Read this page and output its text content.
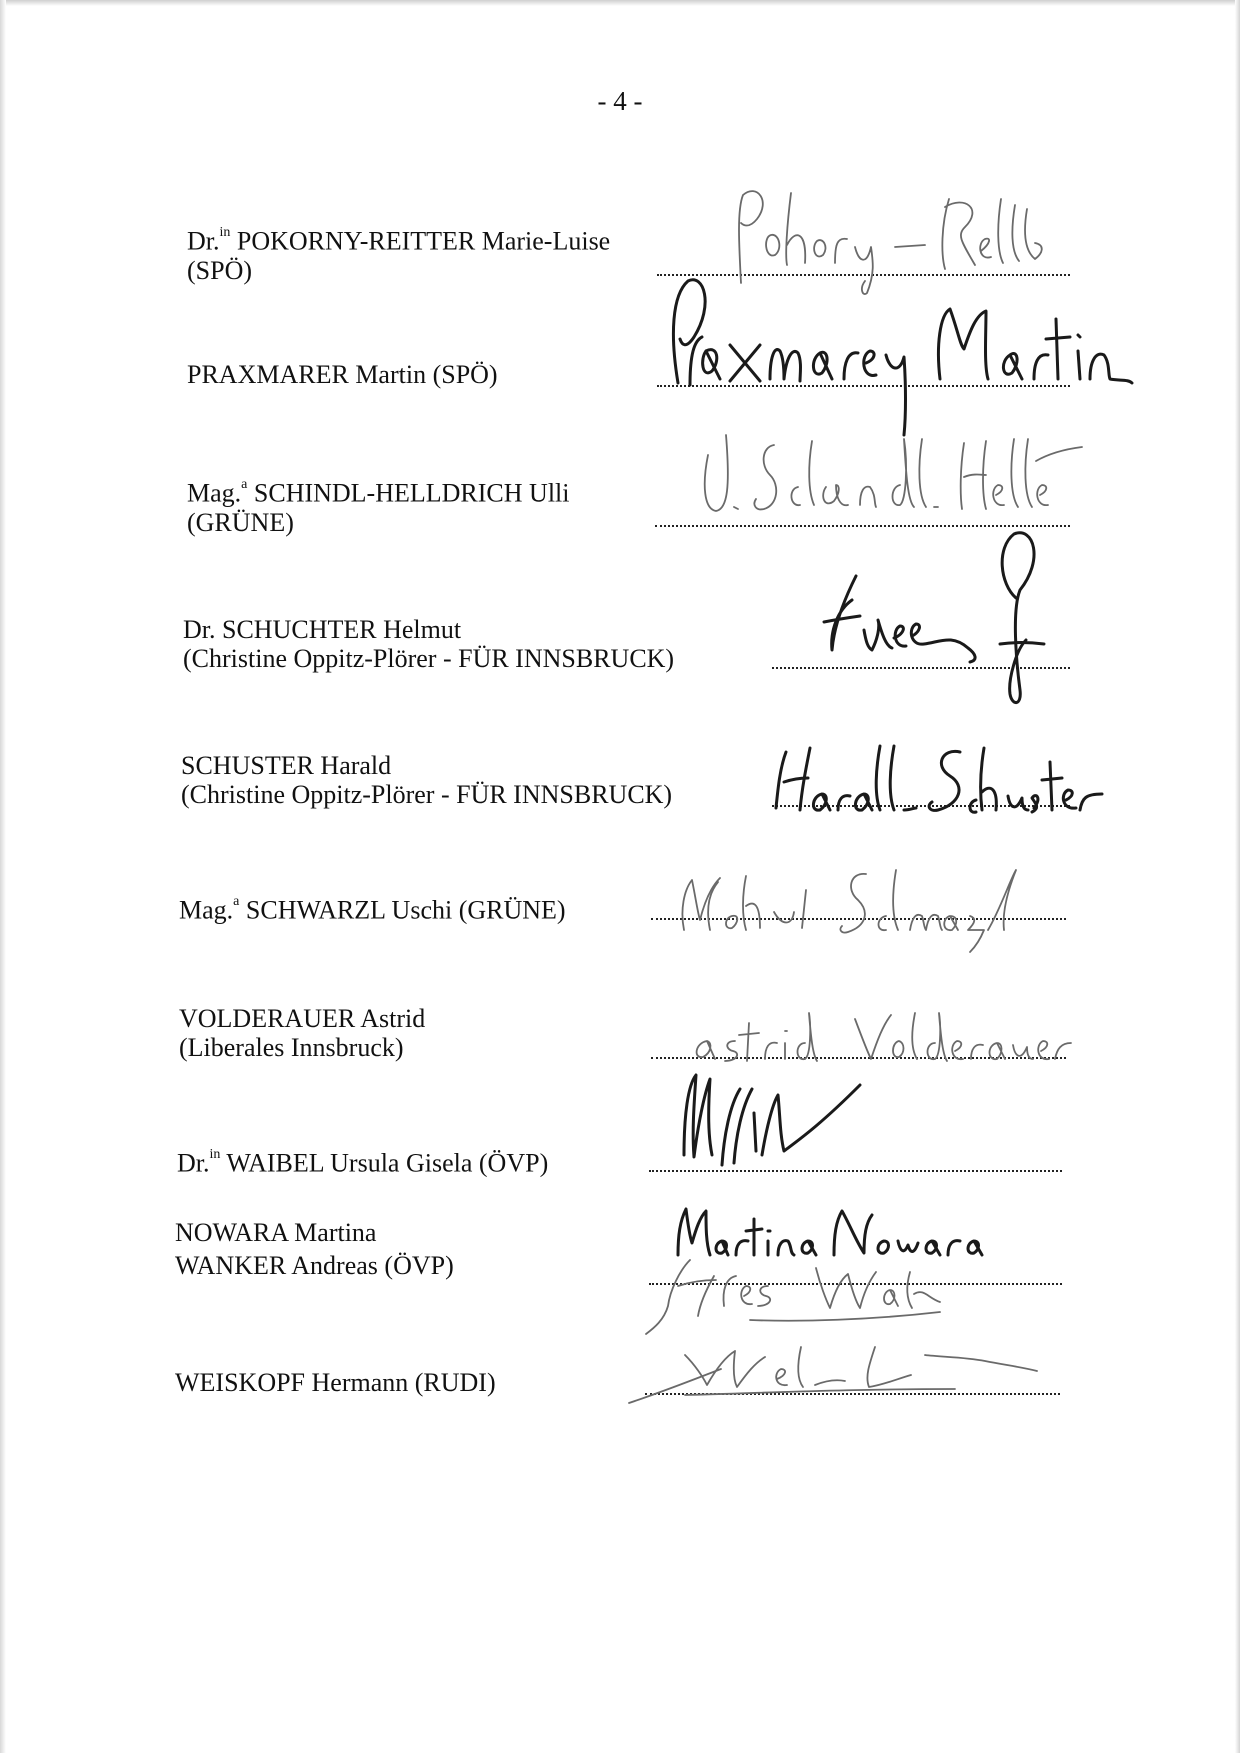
- 4 -
Dr.$^{in}$ POKORNY-REITTER Marie-Luise
(SPÖ)
PRAXMARER Martin (SPÖ)
Mag.$^a$ SCHINDL-HELLDRICH Ulli
(GRÜNE)
Dr. SCHUCHTER Helmut
(Christine Oppitz-Plörer - FÜR INNSBRUCK)
SCHUSTER Harald
(Christine Oppitz-Plörer - FÜR INNSBRUCK)
Mag.$^a$ SCHWARZL Uschi (GRÜNE)
VOLDERAUER Astrid
(Liberales Innsbruck)
Dr.$^{in}$ WAIBEL Ursula Gisela (ÖVP)
NOWARA Martina
WANKER Andreas (ÖVP)
WEISKOPF Hermann (RUDI)
